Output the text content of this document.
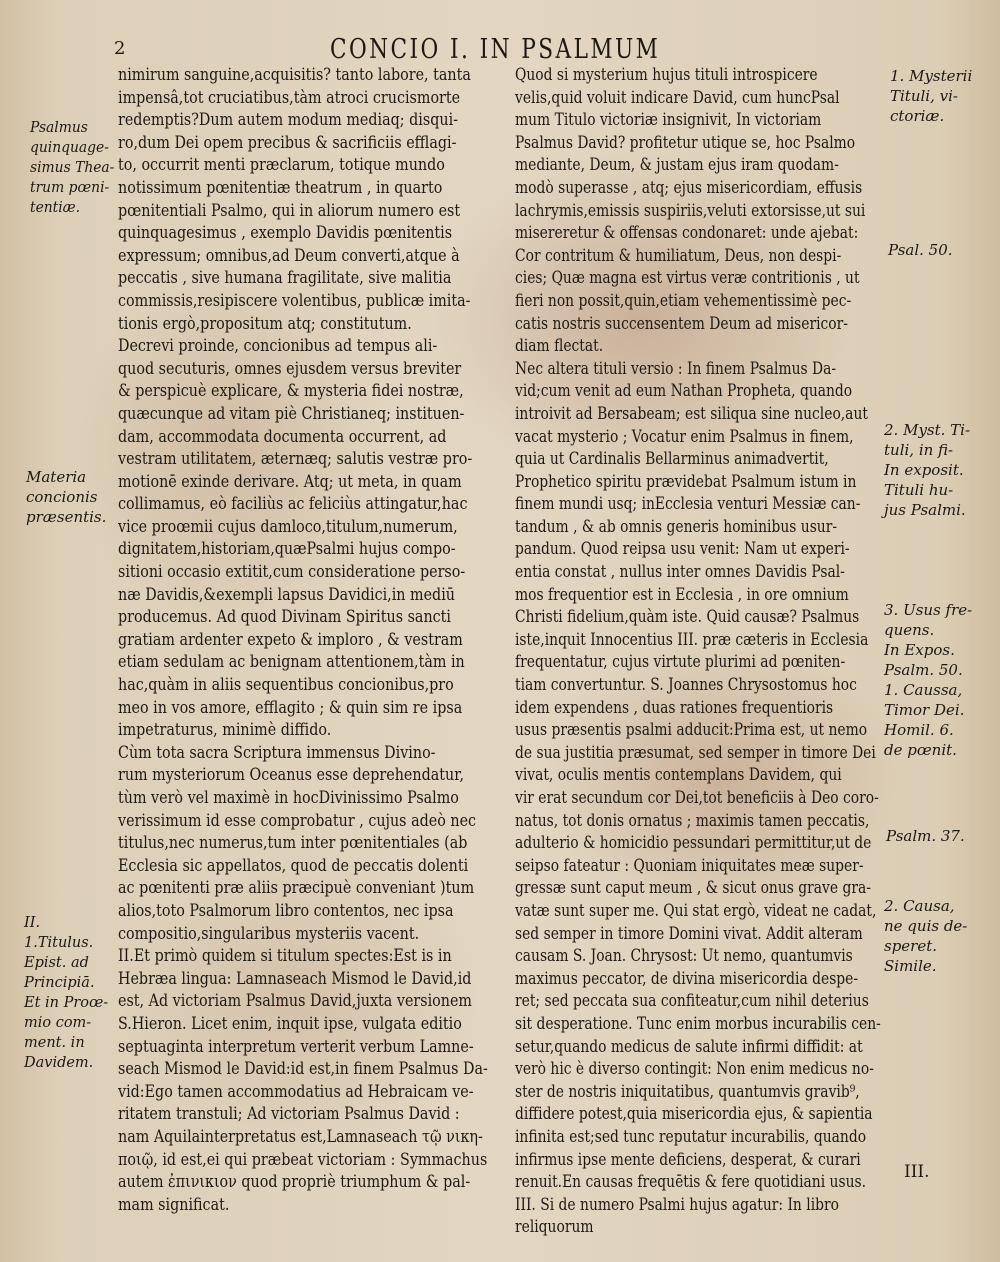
2	CONCIO I. IN PSALMUM

nimirum sanguine,acquisitis? tanto labore, tanta

impensâ,tot cruciatibus,tàm atroci crucismorte

redemptis?Dum autem modum mediaq; disqui-

ro,dum Dei opem precibus & sacrificiis efflagi-

to, occurrit menti præclarum, totique mundo

notissimum pœnitentiæ theatrum , in quarto

pœnitentiali Psalmo, qui in aliorum numero est

quinquagesimus , exemplo Davidis pœnitentis

expressum; omnibus,ad Deum converti,atque à

peccatis , sive humana fragilitate, sive malitia

commissis,resipiscere volentibus, publicæ imita-

tionis ergò,propositum atq; constitutum.

Decrevi proinde, concionibus ad tempus ali-

quod secuturis, omnes ejusdem versus breviter

& perspicuè explicare, & mysteria fidei nostræ,

quæcunque ad vitam piè Christianeq; instituen-

dam, accommodata documenta occurrent, ad

vestram utilitatem, æternæq; salutis vestræ pro-

motionē exinde derivare. Atq; ut meta, in quam

collimamus, eò faciliùs ac feliciùs attingatur,hac

vice proœmii cujus damloco,titulum,numerum,

dignitatem,historiam,quæPsalmi hujus compo-

sitioni occasio extitit,cum consideratione perso-

næ Davidis,&exempli lapsus Davidici,in mediū

producemus. Ad quod Divinam Spiritus sancti

gratiam ardenter expeto & imploro , & vestram

etiam sedulam ac benignam attentionem,tàm in

hac,quàm in aliis sequentibus concionibus,pro

meo in vos amore, efflagito ; & quin sim re ipsa

impetraturus, minimè diffido.

Cùm tota sacra Scriptura immensus Divino-

rum mysteriorum Oceanus esse deprehendatur,

tùm verò vel maximè in hocDivinissimo Psalmo

verissimum id esse comprobatur , cujus adeò nec

titulus,nec numerus,tum inter pœnitentiales (ab

Ecclesia sic appellatos, quod de peccatis dolenti

ac pœnitenti præ aliis præcipuè conveniant )tum

alios,toto Psalmorum libro contentos, nec ipsa

compositio,singularibus mysteriis vacent.

II.Et primò quidem si titulum spectes:Est is in

Hebræa lingua: Lamnaseach Mismod le David,id

est, Ad victoriam Psalmus David,juxta versionem

S.Hieron. Licet enim, inquit ipse, vulgata editio

septuaginta interpretum verterit verbum Lamne-

seach Mismod le David:id est,in finem Psalmus Da-

vid:Ego tamen accommodatius ad Hebraicam ve-

ritatem transtuli; Ad victoriam Psalmus David :

nam Aquilainterpretatus est,Lamnaseach τῷ νικη-

ποιῷ, id est,ei qui præbeat victoriam : Symmachus

autem ἐπινικιον quod propriè triumphum & pal-

mam significat.

Quod si mysterium hujus tituli introspicere

velis,quid voluit indicare David, cum huncPsal

mum Titulo victoriæ insignivit, In victoriam

Psalmus David? profitetur utique se, hoc Psalmo

mediante, Deum, & justam ejus iram quodam-

modò superasse , atq; ejus misericordiam, effusis

lachrymis,emissis suspiriis,veluti extorsisse,ut sui

misereretur & offensas condonaret: unde ajebat:

Cor contritum & humiliatum, Deus, non despi-

cies; Quæ magna est virtus veræ contritionis , ut

fieri non possit,quin,etiam vehementissimè pec-

catis nostris succensentem Deum ad misericor-

diam flectat.

Nec altera tituli versio : In finem Psalmus Da-

vid;cum venit ad eum Nathan Propheta, quando

introivit ad Bersabeam; est siliqua sine nucleo,aut

vacat mysterio ; Vocatur enim Psalmus in finem,

quia ut Cardinalis Bellarminus animadvertit,

Prophetico spiritu prævidebat Psalmum istum in

finem mundi usq; inEcclesia venturi Messiæ can-

tandum , & ab omnis generis hominibus usur-

pandum. Quod reipsa usu venit: Nam ut experi-

entia constat , nullus inter omnes Davidis Psal-

mos frequentior est in Ecclesia , in ore omnium

Christi fidelium,quàm iste. Quid causæ? Psalmus

iste,inquit Innocentius III. præ cæteris in Ecclesia

frequentatur, cujus virtute plurimi ad pœniten-

tiam convertuntur. S. Joannes Chrysostomus hoc

idem expendens , duas rationes frequentioris

usus præsentis psalmi adducit:Prima est, ut nemo

de sua justitia præsumat, sed semper in timore Dei

vivat, oculis mentis contemplans Davidem, qui

vir erat secundum cor Dei,tot beneficiis à Deo coro-

natus, tot donis ornatus ; maximis tamen peccatis,

adulterio & homicidio pessundari permittitur,ut de

seipso fateatur : Quoniam iniquitates meæ super-

gressæ sunt caput meum , & sicut onus grave gra-

vatæ sunt super me. Qui stat ergò, videat ne cadat,

sed semper in timore Domini vivat. Addit alteram

causam S. Joan. Chrysost: Ut nemo, quantumvis

maximus peccator, de divina misericordia despe-

ret; sed peccata sua confiteatur,cum nihil deterius

sit desperatione. Tunc enim morbus incurabilis cen-

setur,quando medicus de salute infirmi diffidit: at

verò hic è diverso contingit: Non enim medicus no-

ster de nostris iniquitatibus, quantumvis gravib⁹,

diffidere potest,quia misericordia ejus, & sapientia

infinita est;sed tunc reputatur incurabilis, quando

infirmus ipse mente deficiens, desperat, & curari

renuit.En causas frequētis & fere quotidiani usus.

III. Si de numero Psalmi hujus agatur: In libro

reliquorum

Psalmus

quinquage-

simus Thea-

trum pœni-

tentiæ.

Materia

concionis

præsentis.

II.

1.Titulus.

Epist. ad

Principiā.

Et in Proœ-

mio com-

ment. in

Davidem.

1. Mysterii

Tituli, vi-

ctoriæ.

Psal. 50.

2. Myst. Ti-

tuli, in fi-

In exposit.

Tituli hu-

jus Psalmi.

3. Usus fre-

quens.

In Expos.

Psalm. 50.

1. Caussa,

Timor Dei.

Homil. 6.

de pœnit.

Psalm. 37.

2. Causa,

ne quis de-

speret.

Simile.

III.
